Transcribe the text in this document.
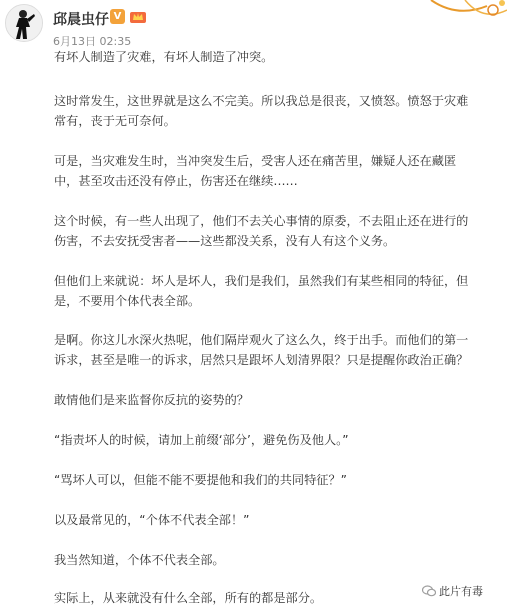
邱晨虫仔 V
6月13日 02:35
有坏人制造了灾难，有坏人制造了冲突。
这时常发生，这世界就是这么不完美。所以我总是很丧，又愤怒。愤怒于灾难
常有，丧于无可奈何。
可是，当灾难发生时，当冲突发生后，受害人还在痛苦里，嫌疑人还在藏匿
中，甚至攻击还没有停止，伤害还在继续……
这个时候，有一些人出现了，他们不去关心事情的原委，不去阻止还在进行的
伤害，不去安抚受害者——这些都没关系，没有人有这个义务。
但他们上来就说：坏人是坏人，我们是我们，虽然我们有某些相同的特征，但
是，不要用个体代表全部。
是啊。你这儿水深火热呢，他们隔岸观火了这么久，终于出手。而他们的第一
诉求，甚至是唯一的诉求，居然只是跟坏人划清界限？只是提醒你政治正确？
敢情他们是来监督你反抗的姿势的？
“指责坏人的时候，请加上前缀‘部分’，避免伤及他人。”
“骂坏人可以，但能不能不要提他和我们的共同特征？”
以及最常见的，“个体不代表全部！”
我当然知道，个体不代表全部。
实际上，从来就没有什么全部，所有的都是部分。	此片有毒
